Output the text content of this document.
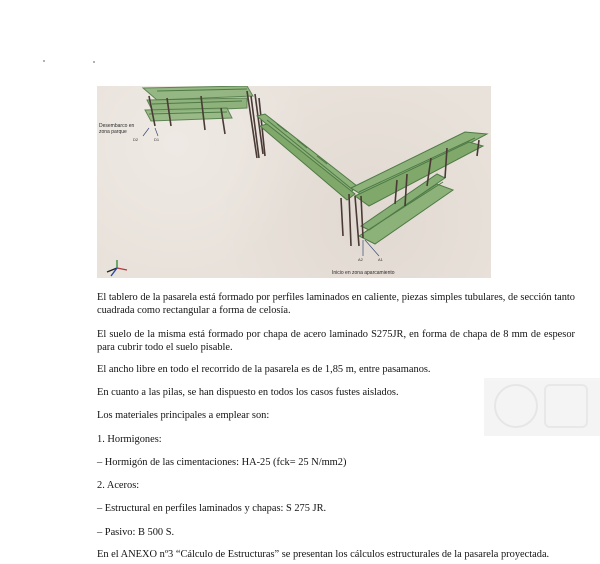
Desembarco en zona parque
D2	D1
A2	A1
Inicio en zona aparcamiento

El tablero de la pasarela está formado por perfiles laminados en caliente, piezas simples tubulares, de sección tanto cuadrada como rectangular a forma de celosía.

El suelo de la misma está formado por chapa de acero laminado S275JR, en forma de chapa de 8 mm de espesor para cubrir todo el suelo pisable.

El ancho libre en todo el recorrido de la pasarela es de 1,85 m, entre pasamanos.

En cuanto a las pilas, se han dispuesto en todos los casos fustes aislados.

Los materiales principales a emplear son:

1. Hormigones:

– Hormigón de las cimentaciones: HA-25 (fck= 25 N/mm2)

2. Aceros:

– Estructural en perfiles laminados y chapas: S 275 JR.

– Pasivo: B 500 S.

En el ANEXO nº3 “Cálculo de Estructuras” se presentan los cálculos estructurales de la pasarela proyectada.
